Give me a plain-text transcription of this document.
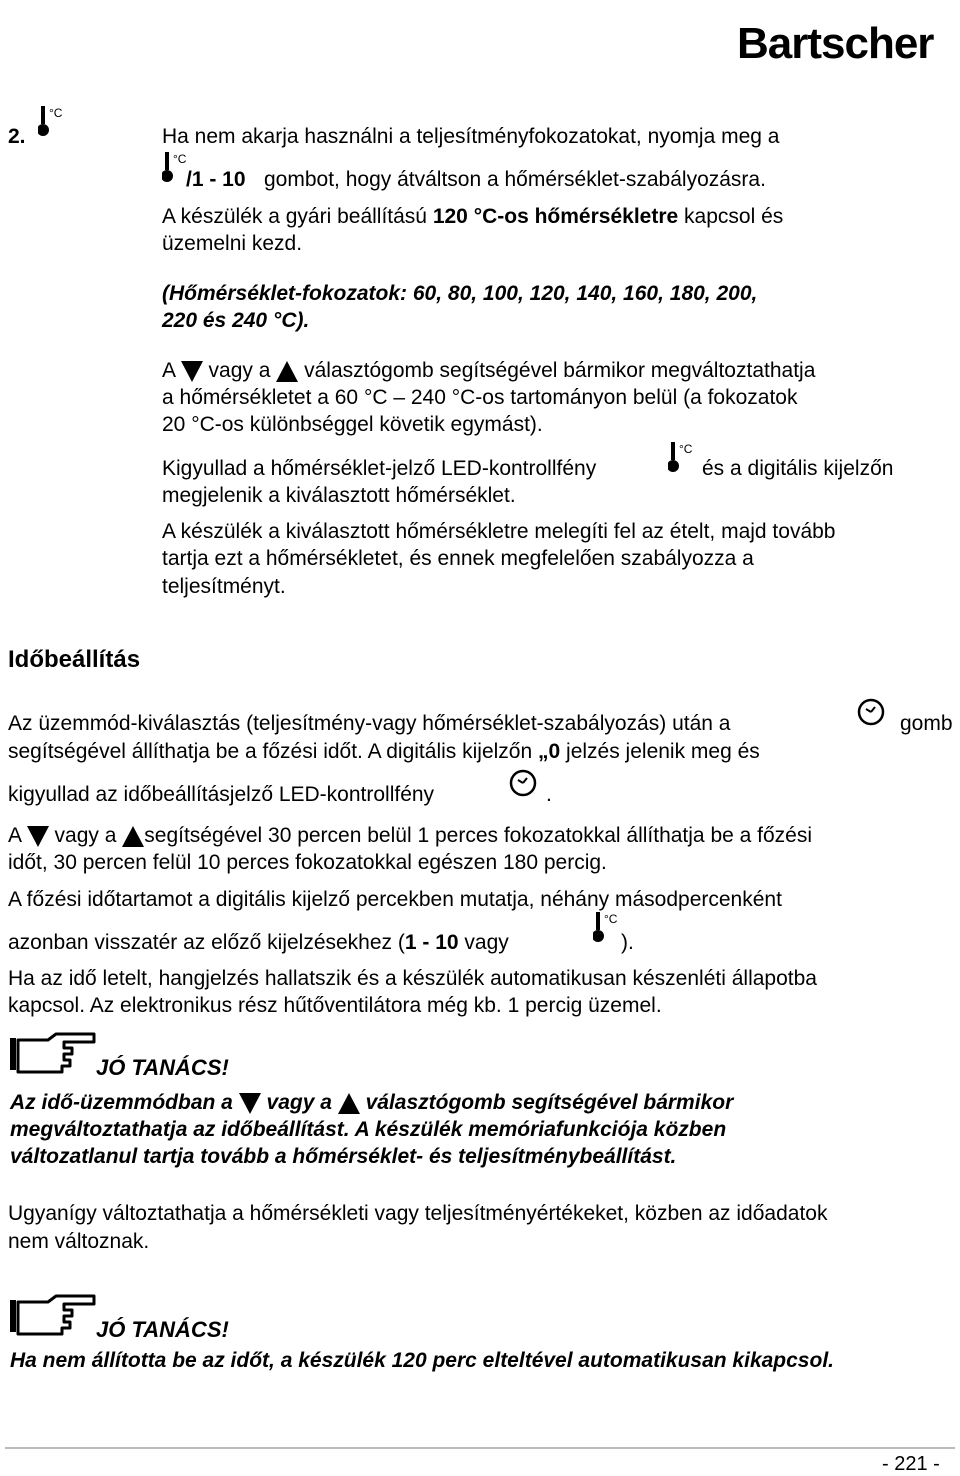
Bartscher
2.
°C
Ha nem akarja használni a teljesítményfokozatokat, nyomja meg a
°C
/1 - 10 gombot, hogy átváltson a hőmérséklet-szabályozásra.
A készülék a gyári beállítású 120 °C-os hőmérsékletre kapcsol és
üzemelni kezd.
(Hőmérséklet-fokozatok: 60, 80, 100, 120, 140, 160, 180, 200,
220 és 240 °C).
A vagy a választógomb segítségével bármikor megváltoztathatja
a hőmérsékletet a 60 °C – 240 °C-os tartományon belül (a fokozatok
20 °C-os különbséggel követik egymást).
Kigyullad a hőmérséklet-jelző LED-kontrollfény
°C
és a digitális kijelzőn
megjelenik a kiválasztott hőmérséklet.
A készülék a kiválasztott hőmérsékletre melegíti fel az ételt, majd tovább
tartja ezt a hőmérsékletet, és ennek megfelelően szabályozza a
teljesítményt.
Időbeállítás
Az üzemmód-kiválasztás (teljesítmény-vagy hőmérséklet-szabályozás) után a	gomb
segítségével állíthatja be a főzési időt. A digitális kijelzőn „0 jelzés jelenik meg és
kigyullad az időbeállításjelző LED-kontrollfény	.
A vagy a segítségével 30 percen belül 1 perces fokozatokkal állíthatja be a főzési
időt, 30 percen felül 10 perces fokozatokkal egészen 180 percig.
A főzési időtartamot a digitális kijelző percekben mutatja, néhány másodpercenként
azonban visszatér az előző kijelzésekhez (1 - 10 vagy
°C
).
Ha az idő letelt, hangjelzés hallatszik és a készülék automatikusan készenléti állapotba
kapcsol. Az elektronikus rész hűtőventilátora még kb. 1 percig üzemel.
JÓ TANÁCS!
Az idő-üzemmódban a vagy a választógomb segítségével bármikor
megváltoztathatja az időbeállítást. A készülék memóriafunkciója közben
változatlanul tartja tovább a hőmérséklet- és teljesítménybeállítást.
Ugyanígy változtathatja a hőmérsékleti vagy teljesítményértékeket, közben az időadatok
nem változnak.
JÓ TANÁCS!
Ha nem állította be az időt, a készülék 120 perc elteltével automatikusan kikapcsol.
- 221 -
